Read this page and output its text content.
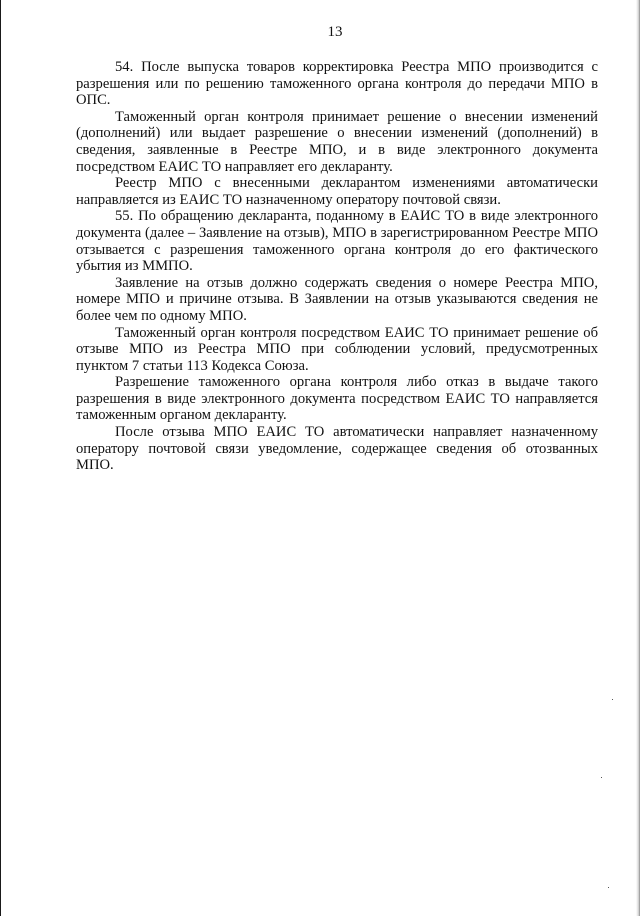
13

54. После выпуска товаров корректировка Реестра МПО производится с разрешения или по решению таможенного органа контроля до передачи МПО в ОПС.

Таможенный орган контроля принимает решение о внесении изменений (дополнений) или выдает разрешение о внесении изменений (дополнений) в сведения, заявленные в Реестре МПО, и в виде электронного документа посредством ЕАИС ТО направляет его декларанту.

Реестр МПО с внесенными декларантом изменениями автоматически направляется из ЕАИС ТО назначенному оператору почтовой связи.

55. По обращению декларанта, поданному в ЕАИС ТО в виде электронного документа (далее – Заявление на отзыв), МПО в зарегистрированном Реестре МПО отзывается с разрешения таможенного органа контроля до его фактического убытия из ММПО.

Заявление на отзыв должно содержать сведения о номере Реестра МПО, номере МПО и причине отзыва. В Заявлении на отзыв указываются сведения не более чем по одному МПО.

Таможенный орган контроля посредством ЕАИС ТО принимает решение об отзыве МПО из Реестра МПО при соблюдении условий, предусмотренных пунктом 7 статьи 113 Кодекса Союза.

Разрешение таможенного органа контроля либо отказ в выдаче такого разрешения в виде электронного документа посредством ЕАИС ТО направляется таможенным органом декларанту.

После отзыва МПО ЕАИС ТО автоматически направляет назначенному оператору почтовой связи уведомление, содержащее сведения об отозванных МПО.
